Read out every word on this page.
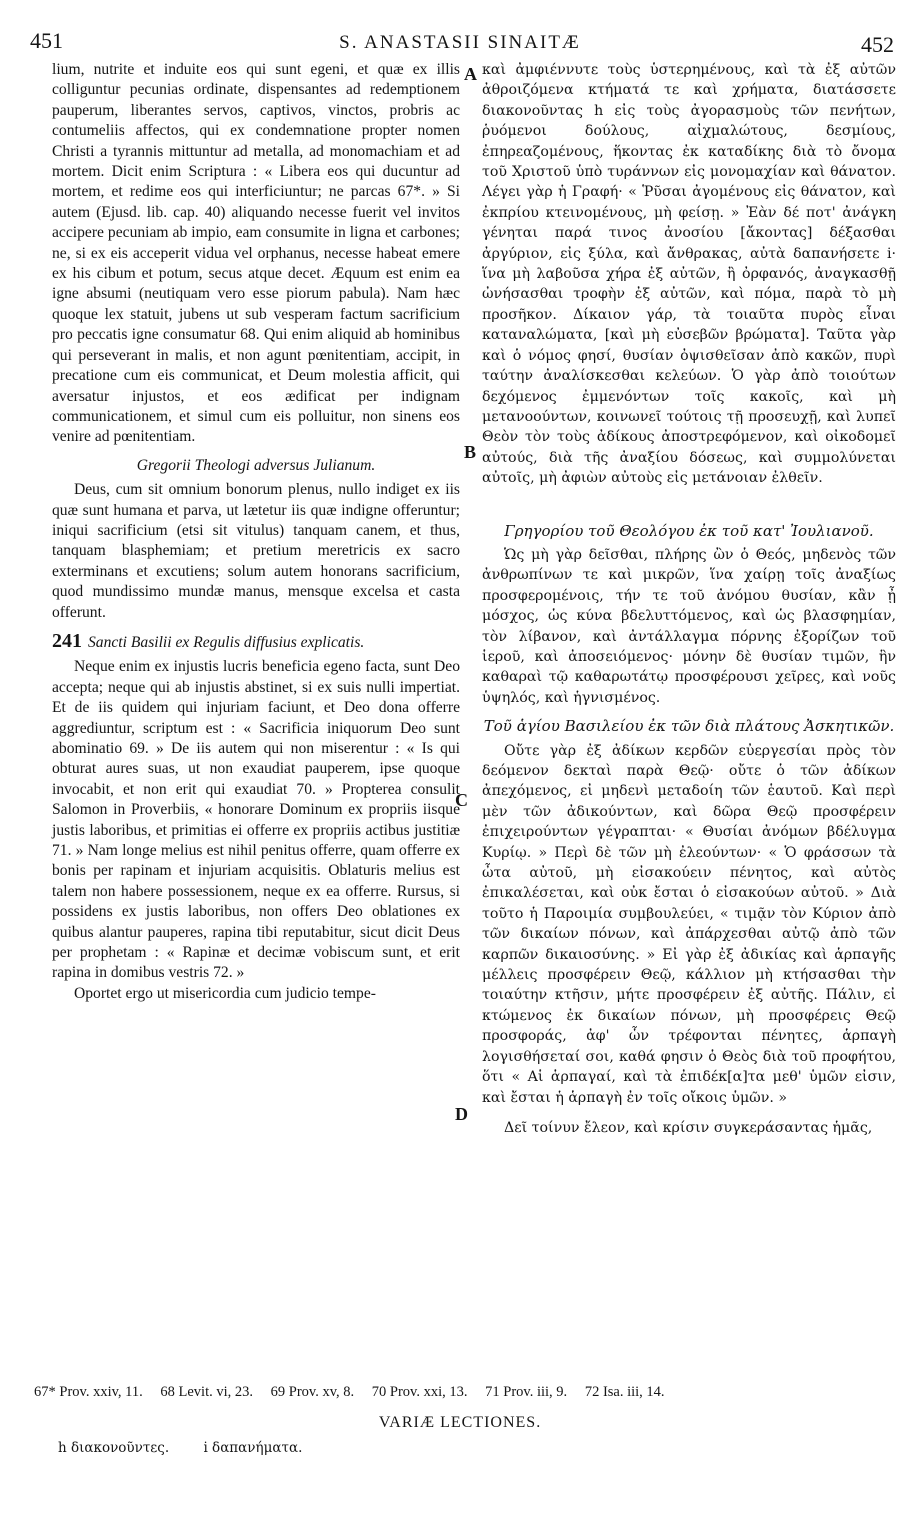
451	S. ANASTASII SINAITÆ	452
A
B
C
D

lium, nutrite et induite eos qui sunt egeni, et quæ ex illis colliguntur pecunias ordinate, dispensantes ad redemptionem pauperum, liberantes servos, captivos, vinctos, probris ac contumeliis affectos, qui ex condemnatione propter nomen Christi a tyrannis mittuntur ad metalla, ad monomachiam et ad mortem. Dicit enim Scriptura : « Libera eos qui ducuntur ad mortem, et redime eos qui interficiuntur; ne parcas 67*. » Si autem (Ejusd. lib. cap. 40) aliquando necesse fuerit vel invitos accipere pecuniam ab impio, eam consumite in ligna et carbones; ne, si ex eis acceperit vidua vel orphanus, necesse habeat emere ex his cibum et potum, secus atque decet. Æquum est enim ea igne absumi (neutiquam vero esse piorum pabula). Nam hæc quoque lex statuit, jubens ut sub vesperam factum sacrificium pro peccatis igne consumatur 68. Qui enim aliquid ab hominibus qui perseverant in malis, et non agunt pœnitentiam, accipit, in precatione cum eis communicat, et Deum molestia afficit, qui aversatur injustos, et eos ædificat per indignam communicationem, et simul cum eis polluitur, non sinens eos venire ad pœnitentiam.

Gregorii Theologi adversus Julianum.

Deus, cum sit omnium bonorum plenus, nullo indiget ex iis quæ sunt humana et parva, ut lætetur iis quæ indigne offeruntur; iniqui sacrificium (etsi sit vitulus) tanquam canem, et thus, tanquam blasphemiam; et pretium meretricis ex sacro exterminans et excutiens; solum autem honorans sacrificium, quod mundissimo mundæ manus, mensque excelsa et casta offerunt.

241 Sancti Basilii ex Regulis diffusius explicatis.

Neque enim ex injustis lucris beneficia egeno facta, sunt Deo accepta; neque qui ab injustis abstinet, si ex suis nulli impertiat. Et de iis quidem qui injuriam faciunt, et Deo dona offerre aggrediuntur, scriptum est : « Sacrificia iniquorum Deo sunt abominatio 69. » De iis autem qui non miserentur : « Is qui obturat aures suas, ut non exaudiat pauperem, ipse quoque invocabit, et non erit qui exaudiat 70. » Propterea consulit Salomon in Proverbiis, « honorare Dominum ex propriis iisque justis laboribus, et primitias ei offerre ex propriis actibus justitiæ 71. » Nam longe melius est nihil penitus offerre, quam offerre ex bonis per rapinam et injuriam acquisitis. Oblaturis melius est talem non habere possessionem, neque ex ea offerre. Rursus, si possidens ex justis laboribus, non offers Deo oblationes ex quibus alantur pauperes, rapina tibi reputabitur, sicut dicit Deus per prophetam : « Rapinæ et decimæ vobiscum sunt, et erit rapina in domibus vestris 72. »

Oportet ergo ut misericordia cum judicio tempe-

καὶ ἀμφιέννυτε τοὺς ὑστερημένους, καὶ τὰ ἐξ αὐτῶν ἀθροιζόμενα κτήματά τε καὶ χρήματα, διατάσσετε διακονοῦντας h εἰς τοὺς ἀγορασμοὺς τῶν πενήτων, ῥυόμενοι δούλους, αἰχμαλώτους, δεσμίους, ἐπηρεαζομένους, ἥκοντας ἐκ καταδίκης διὰ τὸ ὄνομα τοῦ Χριστοῦ ὑπὸ τυράννων εἰς μονομαχίαν καὶ θάνατον. Λέγει γὰρ ἡ Γραφή· « Ῥῦσαι ἀγομένους εἰς θάνατον, καὶ ἐκπρίου κτεινομένους, μὴ φείσῃ. » Ἐὰν δέ ποτ' ἀνάγκη γένηται παρά τινος ἀνοσίου [ἄκοντας] δέξασθαι ἀργύριον, εἰς ξύλα, καὶ ἄνθρακας, αὐτὰ δαπανήσετε i· ἵνα μὴ λαβοῦσα χήρα ἐξ αὐτῶν, ἢ ὀρφανός, ἀναγκασθῇ ὠνήσασθαι τροφὴν ἐξ αὐτῶν, καὶ πόμα, παρὰ τὸ μὴ προσῆκον. Δίκαιον γάρ, τὰ τοιαῦτα πυρὸς εἶναι καταναλώματα, [καὶ μὴ εὐσεβῶν βρώματα]. Ταῦτα γὰρ καὶ ὁ νόμος φησί, θυσίαν ὀψισθεῖσαν ἀπὸ κακῶν, πυρὶ ταύτην ἀναλίσκεσθαι κελεύων. Ὁ γὰρ ἀπὸ τοιούτων δεχόμενος ἐμμενόντων τοῖς κακοῖς, καὶ μὴ μετανοούντων, κοινωνεῖ τούτοις τῇ προσευχῇ, καὶ λυπεῖ Θεὸν τὸν τοὺς ἀδίκους ἀποστρεφόμενον, καὶ οἰκοδομεῖ αὐτούς, διὰ τῆς ἀναξίου δόσεως, καὶ συμμολύνεται αὐτοῖς, μὴ ἀφιὼν αὐτοὺς εἰς μετάνοιαν ἐλθεῖν.

Γρηγορίου τοῦ Θεολόγου ἐκ τοῦ κατ' Ἰουλιανοῦ.

Ὡς μὴ γὰρ δεῖσθαι, πλήρης ὢν ὁ Θεός, μηδενὸς τῶν ἀνθρωπίνων τε καὶ μικρῶν, ἵνα χαίρῃ τοῖς ἀναξίως προσφερομένοις, τήν τε τοῦ ἀνόμου θυσίαν, κἂν ᾖ μόσχος, ὡς κύνα βδελυττόμενος, καὶ ὡς βλασφημίαν, τὸν λίβανον, καὶ ἀντάλλαγμα πόρνης ἐξορίζων τοῦ ἱεροῦ, καὶ ἀποσειόμενος· μόνην δὲ θυσίαν τιμῶν, ἣν καθαραὶ τῷ καθαρωτάτῳ προσφέρουσι χεῖρες, καὶ νοῦς ὑψηλός, καὶ ἡγνισμένος.

Τοῦ ἁγίου Βασιλείου ἐκ τῶν διὰ πλάτους Ἀσκητικῶν.

Οὔτε γὰρ ἐξ ἀδίκων κερδῶν εὐεργεσίαι πρὸς τὸν δεόμενον δεκταὶ παρὰ Θεῷ· οὔτε ὁ τῶν ἀδίκων ἀπεχόμενος, εἰ μηδενὶ μεταδοίη τῶν ἑαυτοῦ. Καὶ περὶ μὲν τῶν ἀδικούντων, καὶ δῶρα Θεῷ προσφέρειν ἐπιχειρούντων γέγραπται· « Θυσίαι ἀνόμων βδέλυγμα Κυρίῳ. » Περὶ δὲ τῶν μὴ ἐλεούντων· « Ὁ φράσσων τὰ ὦτα αὐτοῦ, μὴ εἰσακούειν πένητος, καὶ αὐτὸς ἐπικαλέσεται, καὶ οὐκ ἔσται ὁ εἰσακούων αὐτοῦ. » Διὰ τοῦτο ἡ Παροιμία συμβουλεύει, « τιμᾷν τὸν Κύριον ἀπὸ τῶν δικαίων πόνων, καὶ ἀπάρχεσθαι αὐτῷ ἀπὸ τῶν καρπῶν δικαιοσύνης. » Εἰ γὰρ ἐξ ἀδικίας καὶ ἁρπαγῆς μέλλεις προσφέρειν Θεῷ, κάλλιον μὴ κτήσασθαι τὴν τοιαύτην κτῆσιν, μήτε προσφέρειν ἐξ αὐτῆς. Πάλιν, εἰ κτώμενος ἐκ δικαίων πόνων, μὴ προσφέρεις Θεῷ προσφοράς, ἀφ' ὧν τρέφονται πένητες, ἁρπαγὴ λογισθήσεταί σοι, καθά φησιν ὁ Θεὸς διὰ τοῦ προφήτου, ὅτι « Αἱ ἁρπαγαί, καὶ τὰ ἐπιδέκ[α]τα μεθ' ὑμῶν εἰσιν, καὶ ἔσται ἡ ἁρπαγὴ ἐν τοῖς οἴκοις ὑμῶν. »

Δεῖ τοίνυν ἔλεον, καὶ κρίσιν συγκεράσαντας ἡμᾶς,

67* Prov. xxiv, 11. 68 Levit. vi, 23. 69 Prov. xv, 8. 70 Prov. xxi, 13. 71 Prov. iii, 9. 72 Isa. iii, 14.
VARIÆ LECTIONES.
h διακονοῦντες.	i δαπανήματα.
